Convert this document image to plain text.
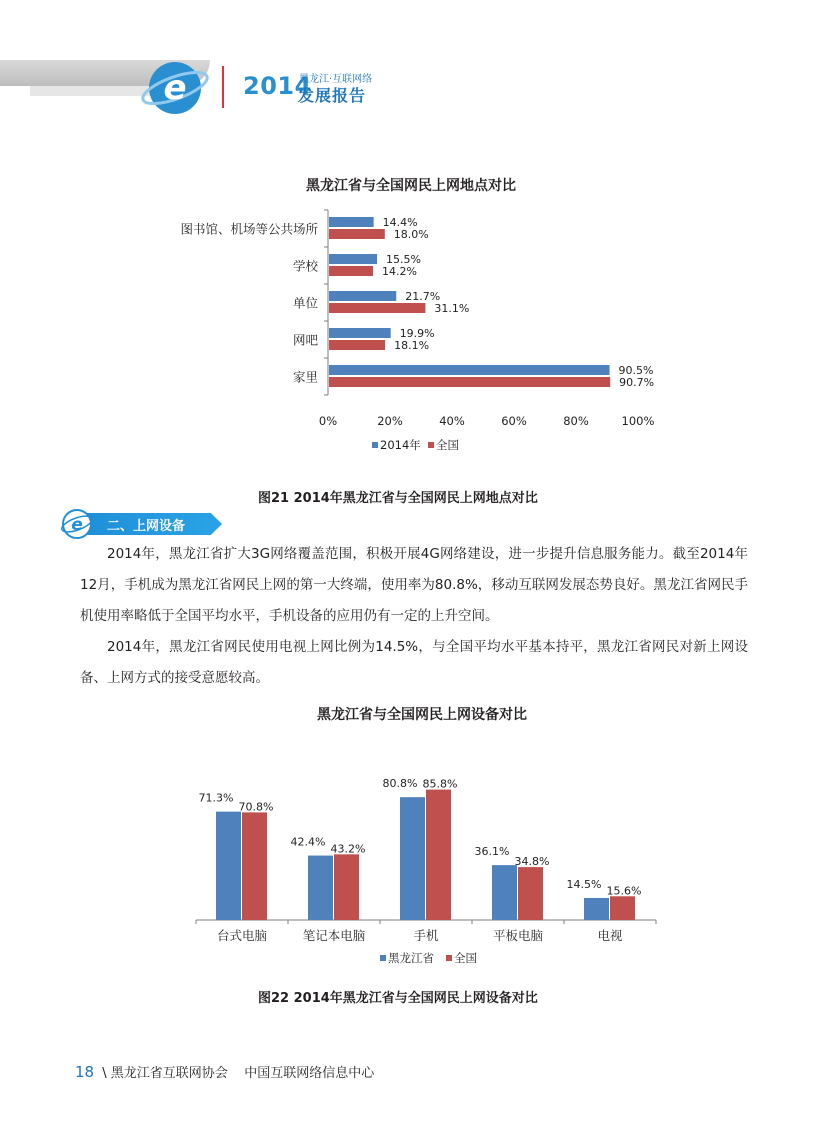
e 2014
黑龙江·互联网络
发展报告
黑龙江省与全国网民上网地点对比
图书馆、机场等公共场所	14.4%
18.0%
学校	15.5%
14.2%
单位	21.7%
31.1%
网吧	19.9%
18.1%
家里	90.5%
90.7%
0%	20%	40%	60%	80%	100%
2014年 全国
图21 2014年黑龙江省与全国网民上网地点对比
e 二、上网设备

2014年，黑龙江省扩大3G网络覆盖范围，积极开展4G网络建设，进一步提升信息服务能力。截至2014年12月，手机成为黑龙江省网民上网的第一大终端，使用率为80.8%，移动互联网发展态势良好。黑龙江省网民手机使用率略低于全国平均水平，手机设备的应用仍有一定的上升空间。

2014年，黑龙江省网民使用电视上网比例为14.5%，与全国平均水平基本持平，黑龙江省网民对新上网设备、上网方式的接受意愿较高。

黑龙江省与全国网民上网设备对比
71.3%
70.8%
台式电脑
42.4%
43.2%
笔记本电脑
80.8% 85.8%
手机
36.1%
34.8%
平板电脑
14.5% 15.6%
电视
黑龙江省 全国
图22 2014年黑龙江省与全国网民上网设备对比
18 \ 黑龙江省互联网协会 中国互联网络信息中心
